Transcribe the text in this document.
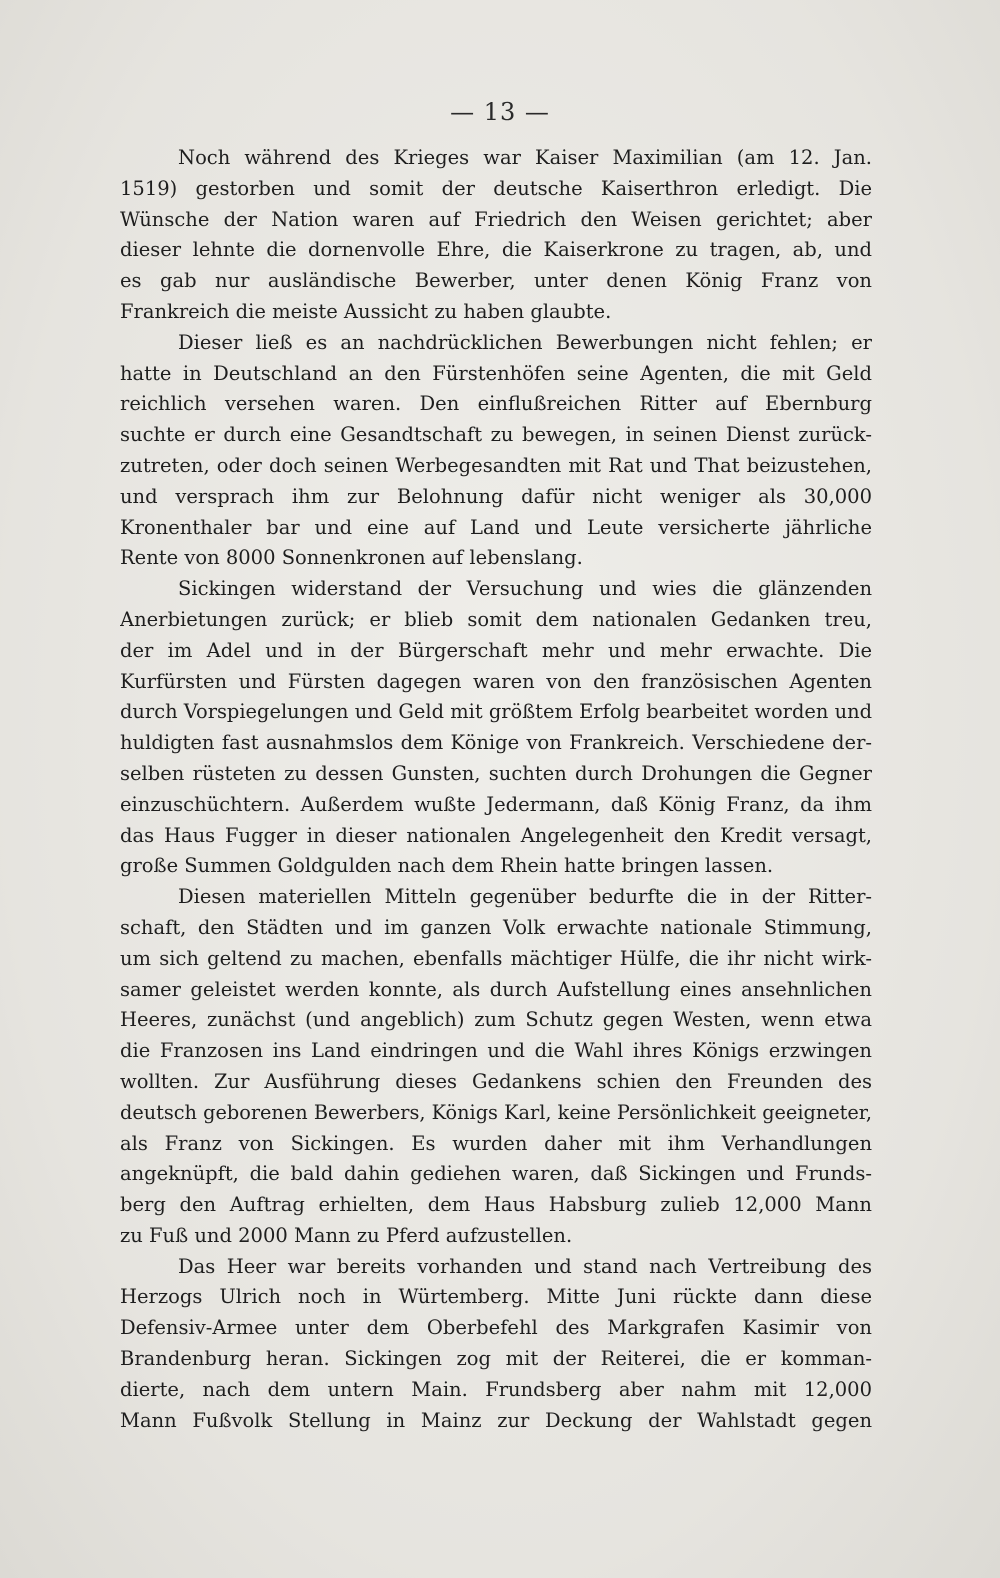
— 13 —
Noch während des Krieges war Kaiser Maximilian (am 12. Jan.
1519) gestorben und somit der deutsche Kaiserthron erledigt. Die
Wünsche der Nation waren auf Friedrich den Weisen gerichtet; aber
dieser lehnte die dornenvolle Ehre, die Kaiserkrone zu tragen, ab, und
es gab nur ausländische Bewerber, unter denen König Franz von
Frankreich die meiste Aussicht zu haben glaubte.
Dieser ließ es an nachdrücklichen Bewerbungen nicht fehlen; er
hatte in Deutschland an den Fürstenhöfen seine Agenten, die mit Geld
reichlich versehen waren. Den einflußreichen Ritter auf Ebernburg
suchte er durch eine Gesandtschaft zu bewegen, in seinen Dienst zurück-
zutreten, oder doch seinen Werbegesandten mit Rat und That beizustehen,
und versprach ihm zur Belohnung dafür nicht weniger als 30,000
Kronenthaler bar und eine auf Land und Leute versicherte jährliche
Rente von 8000 Sonnenkronen auf lebenslang.
Sickingen widerstand der Versuchung und wies die glänzenden
Anerbietungen zurück; er blieb somit dem nationalen Gedanken treu,
der im Adel und in der Bürgerschaft mehr und mehr erwachte. Die
Kurfürsten und Fürsten dagegen waren von den französischen Agenten
durch Vorspiegelungen und Geld mit größtem Erfolg bearbeitet worden und
huldigten fast ausnahmslos dem Könige von Frankreich. Verschiedene der-
selben rüsteten zu dessen Gunsten, suchten durch Drohungen die Gegner
einzuschüchtern. Außerdem wußte Jedermann, daß König Franz, da ihm
das Haus Fugger in dieser nationalen Angelegenheit den Kredit versagt,
große Summen Goldgulden nach dem Rhein hatte bringen lassen.
Diesen materiellen Mitteln gegenüber bedurfte die in der Ritter-
schaft, den Städten und im ganzen Volk erwachte nationale Stimmung,
um sich geltend zu machen, ebenfalls mächtiger Hülfe, die ihr nicht wirk-
samer geleistet werden konnte, als durch Aufstellung eines ansehnlichen
Heeres, zunächst (und angeblich) zum Schutz gegen Westen, wenn etwa
die Franzosen ins Land eindringen und die Wahl ihres Königs erzwingen
wollten. Zur Ausführung dieses Gedankens schien den Freunden des
deutsch geborenen Bewerbers, Königs Karl, keine Persönlichkeit geeigneter,
als Franz von Sickingen. Es wurden daher mit ihm Verhandlungen
angeknüpft, die bald dahin gediehen waren, daß Sickingen und Frunds-
berg den Auftrag erhielten, dem Haus Habsburg zulieb 12,000 Mann
zu Fuß und 2000 Mann zu Pferd aufzustellen.
Das Heer war bereits vorhanden und stand nach Vertreibung des
Herzogs Ulrich noch in Würtemberg. Mitte Juni rückte dann diese
Defensiv-Armee unter dem Oberbefehl des Markgrafen Kasimir von
Brandenburg heran. Sickingen zog mit der Reiterei, die er komman-
dierte, nach dem untern Main. Frundsberg aber nahm mit 12,000
Mann Fußvolk Stellung in Mainz zur Deckung der Wahlstadt gegen
